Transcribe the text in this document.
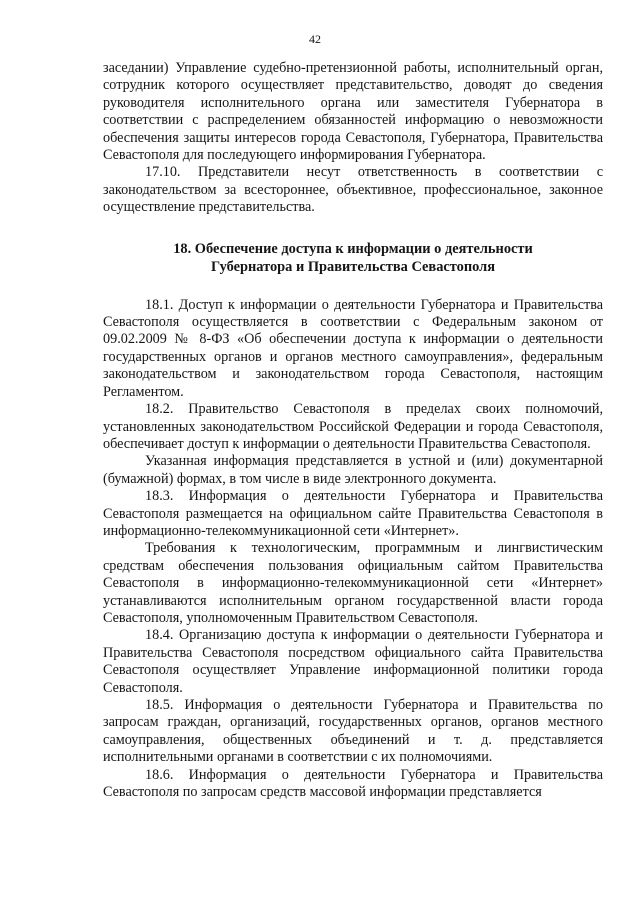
42

заседании) Управление судебно-претензионной работы, исполнительный орган, сотрудник которого осуществляет представительство, доводят до сведения руководителя исполнительного органа или заместителя Губернатора в соответствии с распределением обязанностей информацию о невозможности обеспечения защиты интересов города Севастополя, Губернатора, Правительства Севастополя для последующего информирования Губернатора.

17.10. Представители несут ответственность в соответствии с законодательством за всестороннее, объективное, профессиональное, законное осуществление представительства.

18. Обеспечение доступа к информации о деятельности
Губернатора и Правительства Севастополя

18.1. Доступ к информации о деятельности Губернатора и Правительства Севастополя осуществляется в соответствии с Федеральным законом от 09.02.2009 № 8-ФЗ «Об обеспечении доступа к информации о деятельности государственных органов и органов местного самоуправления», федеральным законодательством и законодательством города Севастополя, настоящим Регламентом.

18.2. Правительство Севастополя в пределах своих полномочий, установленных законодательством Российской Федерации и города Севастополя, обеспечивает доступ к информации о деятельности Правительства Севастополя.

Указанная информация представляется в устной и (или) документарной (бумажной) формах, в том числе в виде электронного документа.

18.3. Информация о деятельности Губернатора и Правительства Севастополя размещается на официальном сайте Правительства Севастополя в информационно-телекоммуникационной сети «Интернет».

Требования к технологическим, программным и лингвистическим средствам обеспечения пользования официальным сайтом Правительства Севастополя в информационно-телекоммуникационной сети «Интернет» устанавливаются исполнительным органом государственной власти города Севастополя, уполномоченным Правительством Севастополя.

18.4. Организацию доступа к информации о деятельности Губернатора и Правительства Севастополя посредством официального сайта Правительства Севастополя осуществляет Управление информационной политики города Севастополя.

18.5. Информация о деятельности Губернатора и Правительства по запросам граждан, организаций, государственных органов, органов местного самоуправления, общественных объединений и т. д. представляется исполнительными органами в соответствии с их полномочиями.

18.6. Информация о деятельности Губернатора и Правительства Севастополя по запросам средств массовой информации представляется
